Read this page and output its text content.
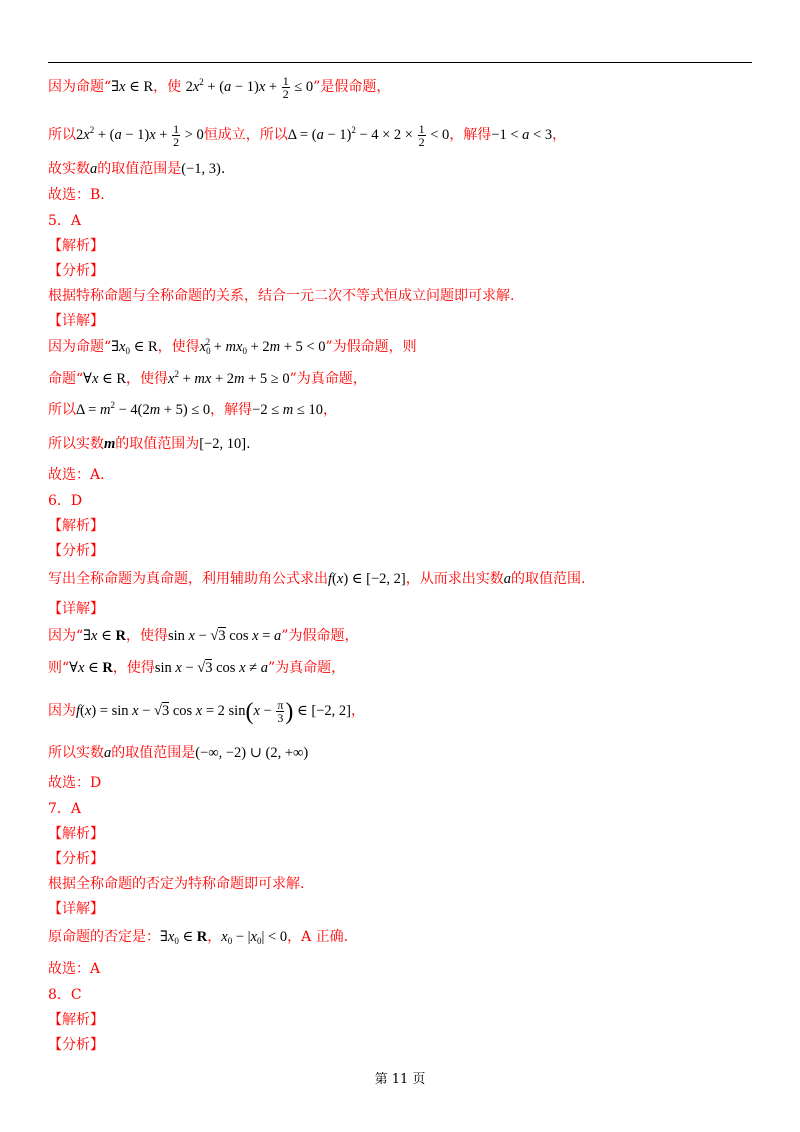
因为命题“∃x ∈ R，使 $2x^2 + (a - 1)x + \frac{1}{2} \le 0$”是假命题，
所以$2x^2 + (a - 1)x + \frac{1}{2} > 0$恒成立，所以$\Delta = (a - 1)^2 - 4 \times 2 \times \frac{1}{2} < 0$，解得−1 < a < 3，
故实数a的取值范围是(−1, 3).
故选：B.
5．A
【解析】
【分析】
根据特称命题与全称命题的关系，结合一元二次不等式恒成立问题即可求解.
【详解】
因为命题“$\exists x_0$ ∈ R，使得$x_0^2 + mx_0 + 2m + 5 < 0$”为假命题，则
命题“∀x ∈ R，使得$x^2$ + mx + 2m + 5 ≥ 0”为真命题，
所以$\Delta = m^2 - 4(2m + 5) \le 0$，解得−2 ≤ m ≤ 10，
所以实数m的取值范围为[−2, 10].
故选：A.
6．D
【解析】
【分析】
写出全称命题为真命题，利用辅助角公式求出f(x) ∈ [−2, 2]，从而求出实数a的取值范围.
【详解】
因为“∃x ∈ R，使得sin x − √3 cos x = a”为假命题，
则“∀x ∈ R，使得sin x − √3 cos x ≠ a”为真命题，
因为f(x) = sin x − √3 cos x = 2 $\sin(x - \frac{\pi}{3}$ ) ∈ [−2, 2]，
所以实数a的取值范围是(−∞, −2) ∪ (2, +∞)
故选：D
7．A
【解析】
【分析】
根据全称命题的否定为特称命题即可求解.
【详解】
原命题的否定是：$\exists x_0$ ∈ R，$x_0 - |x_0| < 0$，A 正确.
故选：A
8．C
【解析】
【分析】
第 11 页
